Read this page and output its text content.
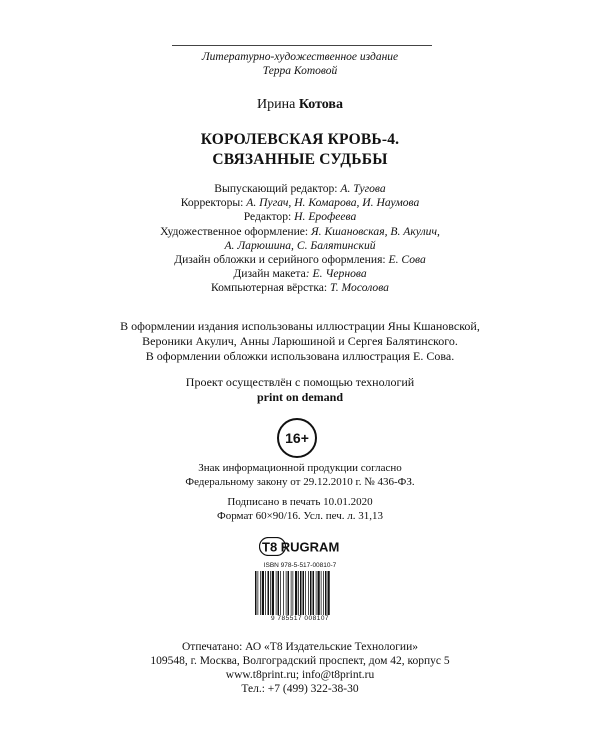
Литературно-художественное издание
Терра Котовой
Ирина Котова
КОРОЛЕВСКАЯ КРОВЬ-4.
СВЯЗАННЫЕ СУДЬБЫ
Выпускающий редактор: А. Тугова
Корректоры: А. Пугач, Н. Комарова, И. Наумова
Редактор: Н. Ерофеева
Художественное оформление: Я. Кшановская, В. Акулич,
А. Ларюшина, С. Балятинский
Дизайн обложки и серийного оформления: Е. Сова
Дизайн макета: Е. Чернова
Компьютерная вёрстка: Т. Мосолова
В оформлении издания использованы иллюстрации Яны Кшановской,
Вероники Акулич, Анны Ларюшиной и Сергея Балятинского.
В оформлении обложки использована иллюстрация Е. Сова.
Проект осуществлён с помощью технологий
print on demand
16+
Знак информационной продукции согласно
Федеральному закону от 29.12.2010 г. № 436-ФЗ.
Подписано в печать 10.01.2020
Формат 60×90/16. Усл. печ. л. 31,13
T8 RUGRAM
ISBN 978-5-517-00810-7
9 785517 008107
Отпечатано: АО «Т8 Издательские Технологии»
109548, г. Москва, Волгоградский проспект, дом 42, корпус 5
www.t8print.ru; info@t8print.ru
Тел.: +7 (499) 322-38-30
